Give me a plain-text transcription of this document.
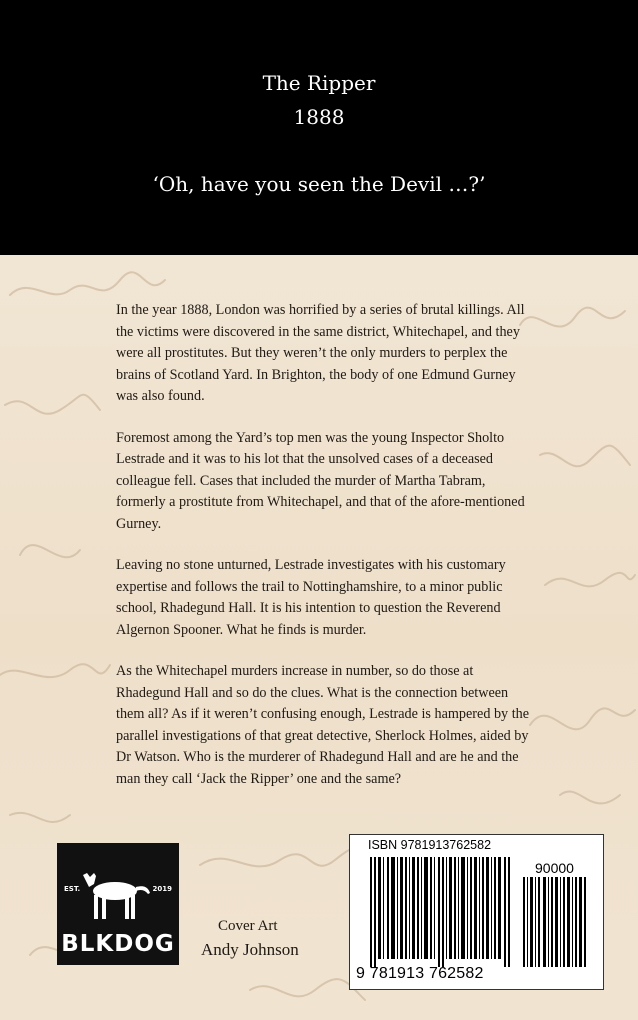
The Ripper
1888
‘Oh, have you seen the Devil …?’

In the year 1888, London was horrified by a series of brutal killings. All the victims were discovered in the same district, Whitechapel, and they were all prostitutes. But they weren’t the only murders to perplex the brains of Scotland Yard. In Brighton, the body of one Edmund Gurney was also found.

Foremost among the Yard’s top men was the young Inspector Sholto Lestrade and it was to his lot that the unsolved cases of a deceased colleague fell. Cases that included the murder of Martha Tabram, formerly a prostitute from Whitechapel, and that of the afore-mentioned Gurney.

Leaving no stone unturned, Lestrade investigates with his customary expertise and follows the trail to Nottinghamshire, to a minor public school, Rhadegund Hall. It is his intention to question the Reverend Algernon Spooner. What he finds is murder.

As the Whitechapel murders increase in number, so do those at Rhadegund Hall and so do the clues. What is the connection between them all? As if it weren’t confusing enough, Lestrade is hampered by the parallel investigations of that great detective, Sherlock Holmes, aided by Dr Watson. Who is the murderer of Rhadegund Hall and are he and the man they call ‘Jack the Ripper’ one and the same?

EST.	2019
BLKDOG
Cover Art
Andy Johnson
ISBN 9781913762582
90000
9 781913 762582
